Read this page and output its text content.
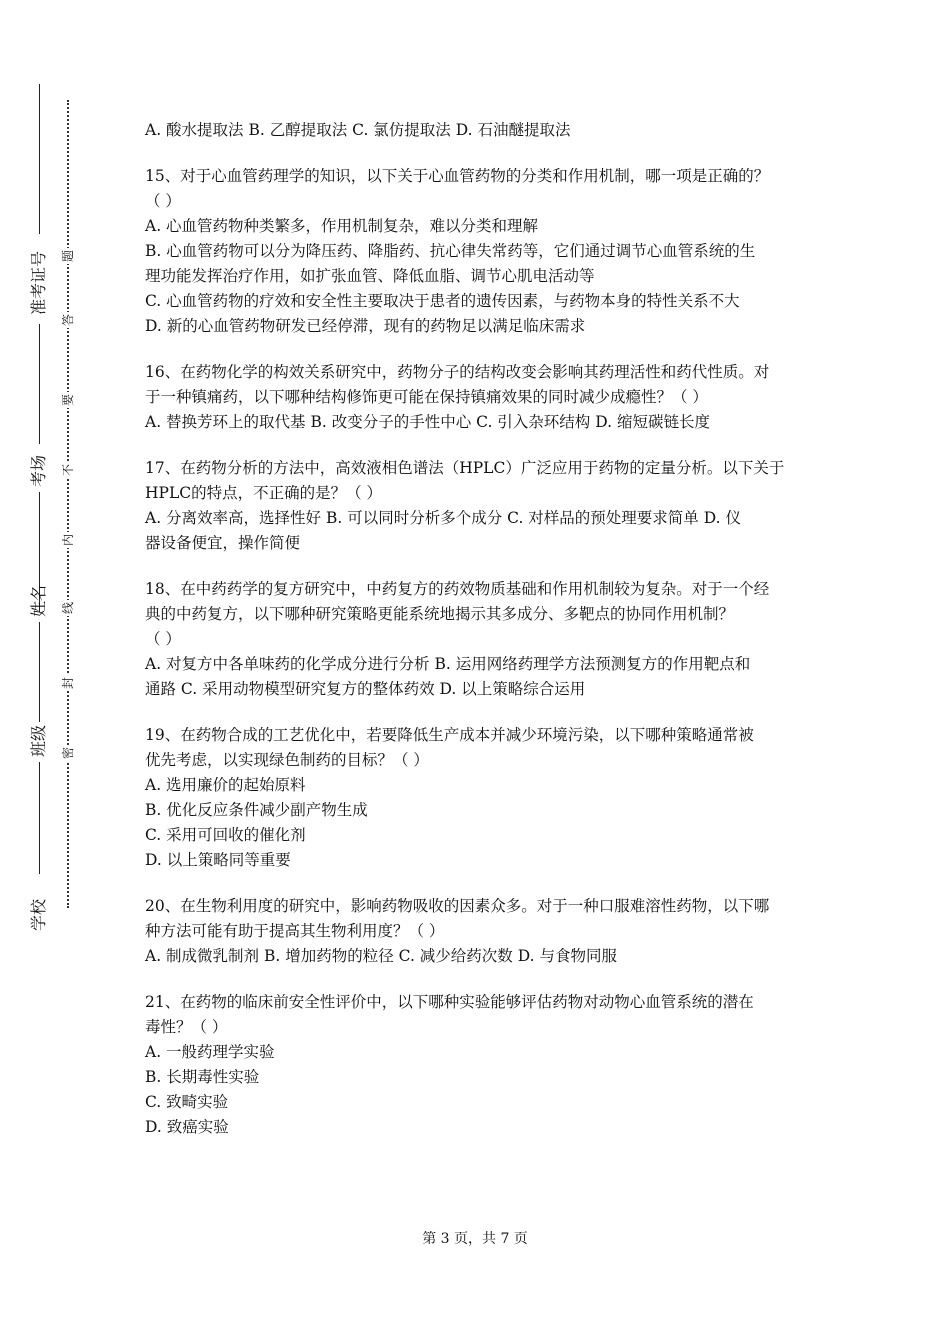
准考证号
考场
姓名
班级
学校
题
答
要
不
内
线
封
密
A. 酸水提取法 B. 乙醇提取法 C. 氯仿提取法 D. 石油醚提取法
15、对于心血管药理学的知识，以下关于心血管药物的分类和作用机制，哪一项是正确的？
（ ）
A. 心血管药物种类繁多，作用机制复杂，难以分类和理解
B. 心血管药物可以分为降压药、降脂药、抗心律失常药等，它们通过调节心血管系统的生
理功能发挥治疗作用，如扩张血管、降低血脂、调节心肌电活动等
C. 心血管药物的疗效和安全性主要取决于患者的遗传因素，与药物本身的特性关系不大
D. 新的心血管药物研发已经停滞，现有的药物足以满足临床需求
16、在药物化学的构效关系研究中，药物分子的结构改变会影响其药理活性和药代性质。对
于一种镇痛药，以下哪种结构修饰更可能在保持镇痛效果的同时减少成瘾性？（ ）
A. 替换芳环上的取代基 B. 改变分子的手性中心 C. 引入杂环结构 D. 缩短碳链长度
17、在药物分析的方法中，高效液相色谱法（HPLC）广泛应用于药物的定量分析。以下关于
HPLC的特点，不正确的是？（ ）
A. 分离效率高，选择性好 B. 可以同时分析多个成分 C. 对样品的预处理要求简单 D. 仪
器设备便宜，操作简便
18、在中药药学的复方研究中，中药复方的药效物质基础和作用机制较为复杂。对于一个经
典的中药复方，以下哪种研究策略更能系统地揭示其多成分、多靶点的协同作用机制？
（ ）
A. 对复方中各单味药的化学成分进行分析 B. 运用网络药理学方法预测复方的作用靶点和
通路 C. 采用动物模型研究复方的整体药效 D. 以上策略综合运用
19、在药物合成的工艺优化中，若要降低生产成本并减少环境污染，以下哪种策略通常被
优先考虑，以实现绿色制药的目标？（ ）
A. 选用廉价的起始原料
B. 优化反应条件减少副产物生成
C. 采用可回收的催化剂
D. 以上策略同等重要
20、在生物利用度的研究中，影响药物吸收的因素众多。对于一种口服难溶性药物，以下哪
种方法可能有助于提高其生物利用度？（ ）
A. 制成微乳制剂 B. 增加药物的粒径 C. 减少给药次数 D. 与食物同服
21、在药物的临床前安全性评价中，以下哪种实验能够评估药物对动物心血管系统的潜在
毒性？（ ）
A. 一般药理学实验
B. 长期毒性实验
C. 致畸实验
D. 致癌实验
第 3 页，共 7 页
